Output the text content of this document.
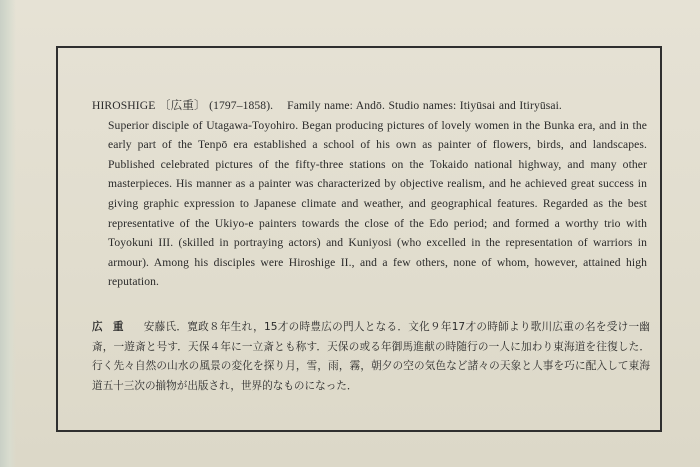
HIROSHIGE 〔広重〕 (1797–1858). Family name: Andō. Studio names: Itiyūsai and Itiryūsai.
Superior disciple of Utagawa-Toyohiro. Began producing pictures of lovely women in the Bunka era, and in the early part of the Tenpō era established a school of his own as painter of flowers, birds, and landscapes. Published celebrated pictures of the fifty-three stations on the Tokaido national highway, and many other masterpieces. His manner as a painter was characterized by objective realism, and he achieved great success in giving graphic expression to Japanese climate and weather, and geographical features. Regarded as the best representative of the Ukiyo-e painters towards the close of the Edo period; and formed a worthy trio with Toyokuni III. (skilled in portraying actors) and Kuniyosi (who excelled in the representation of warriors in armour). Among his disciples were Hiroshige II., and a few others, none of whom, however, attained high reputation.

広重 安藤氏．寛政８年生れ，15才の時豊広の門人となる．文化９年17才の時師より歌川広重の名を受け一幽斎，一遊斎と号す．天保４年に一立斎とも称す．天保の或る年御馬進献の時随行の一人に加わり東海道を往復した．行く先々自然の山水の風景の変化を探り月，雪，雨，霧，朝夕の空の気色など諸々の天象と人事を巧に配入して東海道五十三次の揃物が出版され，世界的なものになった．
